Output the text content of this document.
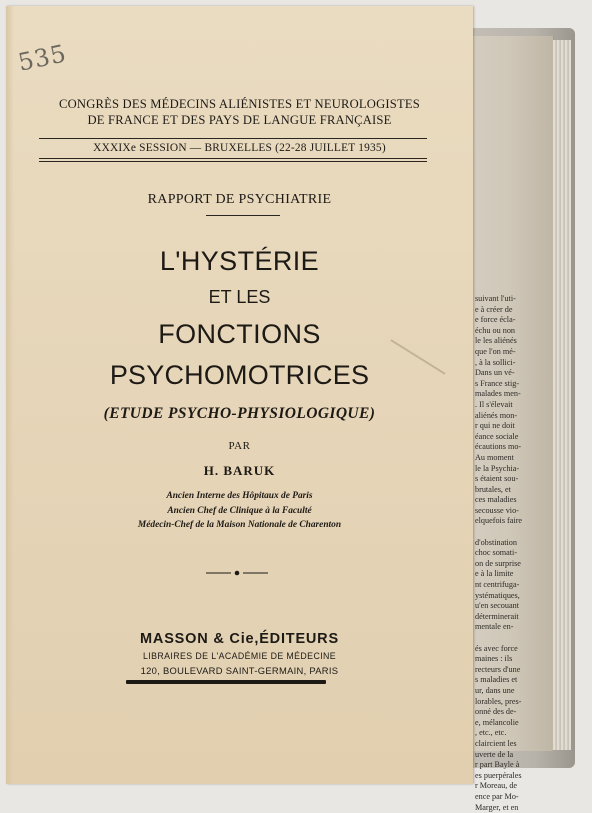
suivant l'uti-
e à créer de
e force écla-
échu ou non
le les aliénés
que l'on mé-
, à la sollici-
Dans un vé-
s France stig-
malades men-
. Il s'élevait
aliénés mon-
r qui ne doit
éance sociale
écautions mo-
Au moment
le la Psychia-
s étaient sou-
brutales, et
ces maladies
secousse vio-
elquefois faire

d'obstination
choc somati-
on de surprise
e à la limite
nt centrifuga-
ystématiques,
u'en secouant
déterminerait
mentale en-

és avec force
maines : ils
recteurs d'une
s maladies et
ur, dans une
lorables, pres-
onné des de-
e, mélancolie
, etc., etc.
claircient les
uverte de la
r part Bayle à
es puerpérales
r Moreau, de
ence par Mo-
Marger, et en
535
CONGRÈS DES MÉDECINS ALIÉNISTES ET NEUROLOGISTES
DE FRANCE ET DES PAYS DE LANGUE FRANÇAISE
XXXIXe SESSION — BRUXELLES (22-28 JUILLET 1935)
RAPPORT DE PSYCHIATRIE
L'HYSTÉRIE
ET LES
FONCTIONS
PSYCHOMOTRICES
(ETUDE PSYCHO-PHYSIOLOGIQUE)
PAR
H. BARUK
Ancien Interne des Hôpitaux de Paris
Ancien Chef de Clinique à la Faculté
Médecin-Chef de la Maison Nationale de Charenton
MASSON & Cie,ÉDITEURS
LIBRAIRES DE L'ACADÉMIE DE MÉDECINE
120, BOULEVARD SAINT-GERMAIN, PARIS
